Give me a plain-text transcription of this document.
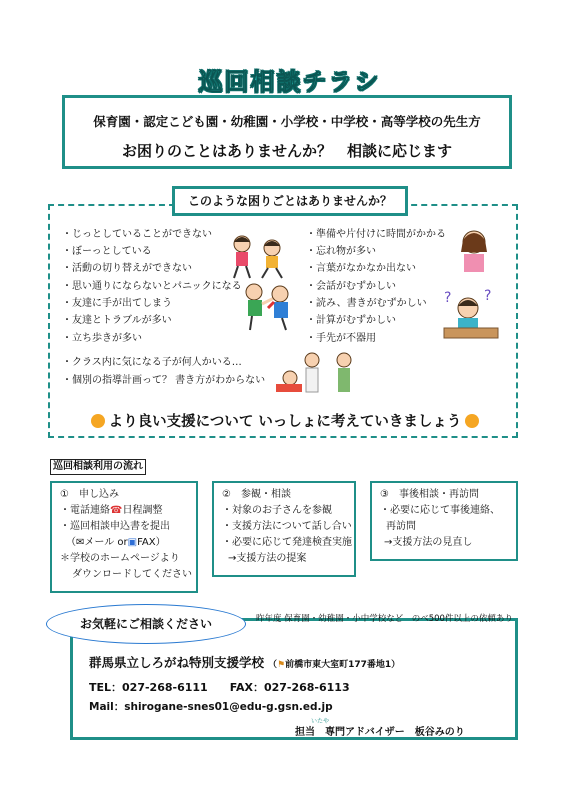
巡回相談チラシ
保育園・認定こども園・幼稚園・小学校・中学校・高等学校の先生方
お困りのことはありませんか？　相談に応じます
このような困りごとはありませんか？
・じっとしていることができない
・ぼーっとしている
・活動の切り替えができない
・思い通りにならないとパニックになる
・友達に手が出てしまう
・友達とトラブルが多い
・立ち歩きが多い
・準備や片付けに時間がかかる
・忘れ物が多い
・言葉がなかなか出ない
・会話がむずかしい
・読み、書きがむずかしい
・計算がむずかしい
・手先が不器用
・クラス内に気になる子が何人かいる…
・個別の指導計画って？ 書き方がわからない
? ?
より良い支援について いっしょに考えていきましょう
巡回相談利用の流れ
①　申し込み
・電話連絡☎日程調整
・巡回相談申込書を提出
（✉メール or▣FAX）
＊学校のホームページより
ダウンロードしてください
②　参観・相談
・対象のお子さんを参観
・支援方法について話し合い
・必要に応じて発達検査実施
→支援方法の提案
③　事後相談・再訪問
・必要に応じて事後連絡、
再訪問
→支援方法の見直し
群馬県立しろがね特別支援学校 （⚑前橋市東大室町177番地1）
TEL：027-268-6111　　FAX：027-268-6113
Mail：shirogane-snes01@edu-g.gsn.ed.jp
いたや
担当　専門アドバイザー　板谷みのり
お気軽にご相談ください	昨年度 保育園・幼稚園・小中学校など　のべ500件以上の依頼あり
